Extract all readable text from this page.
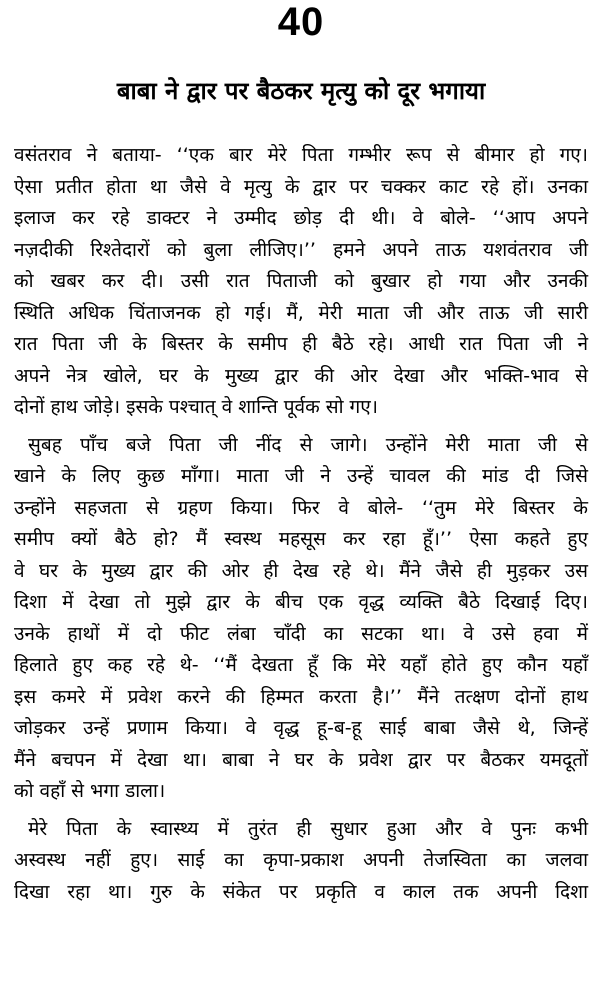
40
बाबा ने द्वार पर बैठकर मृत्यु को दूर भगाया
वसंतराव ने बताया- ‘‘एक बार मेरे पिता गम्भीर रूप से बीमार हो गए।
ऐसा प्रतीत होता था जैसे वे मृत्यु के द्वार पर चक्कर काट रहे हों। उनका
इलाज कर रहे डाक्टर ने उम्मीद छोड़ दी थी। वे बोले- ‘‘आप अपने
नज़दीकी रिश्तेदारों को बुला लीजिए।’’ हमने अपने ताऊ यशवंतराव जी
को खबर कर दी। उसी रात पिताजी को बुखार हो गया और उनकी
स्थिति अधिक चिंताजनक हो गई। मैं, मेरी माता जी और ताऊ जी सारी
रात पिता जी के बिस्तर के समीप ही बैठे रहे। आधी रात पिता जी ने
अपने नेत्र खोले, घर के मुख्य द्वार की ओर देखा और भक्ति-भाव से
दोनों हाथ जोड़े। इसके पश्चात् वे शान्ति पूर्वक सो गए।
सुबह पाँच बजे पिता जी नींद से जागे। उन्होंने मेरी माता जी से
खाने के लिए कुछ माँगा। माता जी ने उन्हें चावल की मांड दी जिसे
उन्होंने सहजता से ग्रहण किया। फिर वे बोले- ‘‘तुम मेरे बिस्तर के
समीप क्यों बैठे हो? मैं स्वस्थ महसूस कर रहा हूँ।’’ ऐसा कहते हुए
वे घर के मुख्य द्वार की ओर ही देख रहे थे। मैंने जैसे ही मुड़कर उस
दिशा में देखा तो मुझे द्वार के बीच एक वृद्ध व्यक्ति बैठे दिखाई दिए।
उनके हाथों में दो फीट लंबा चाँदी का सटका था। वे उसे हवा में
हिलाते हुए कह रहे थे- ‘‘मैं देखता हूँ कि मेरे यहाँ होते हुए कौन यहाँ
इस कमरे में प्रवेश करने की हिम्मत करता है।’’ मैंने तत्क्षण दोनों हाथ
जोड़कर उन्हें प्रणाम किया। वे वृद्ध हू-ब-हू साई बाबा जैसे थे, जिन्हें
मैंने बचपन में देखा था। बाबा ने घर के प्रवेश द्वार पर बैठकर यमदूतों
को वहाँ से भगा डाला।
मेरे पिता के स्वास्थ्य में तुरंत ही सुधार हुआ और वे पुनः कभी
अस्वस्थ नहीं हुए। साई का कृपा-प्रकाश अपनी तेजस्विता का जलवा
दिखा रहा था। गुरु के संकेत पर प्रकृति व काल तक अपनी दिशा
